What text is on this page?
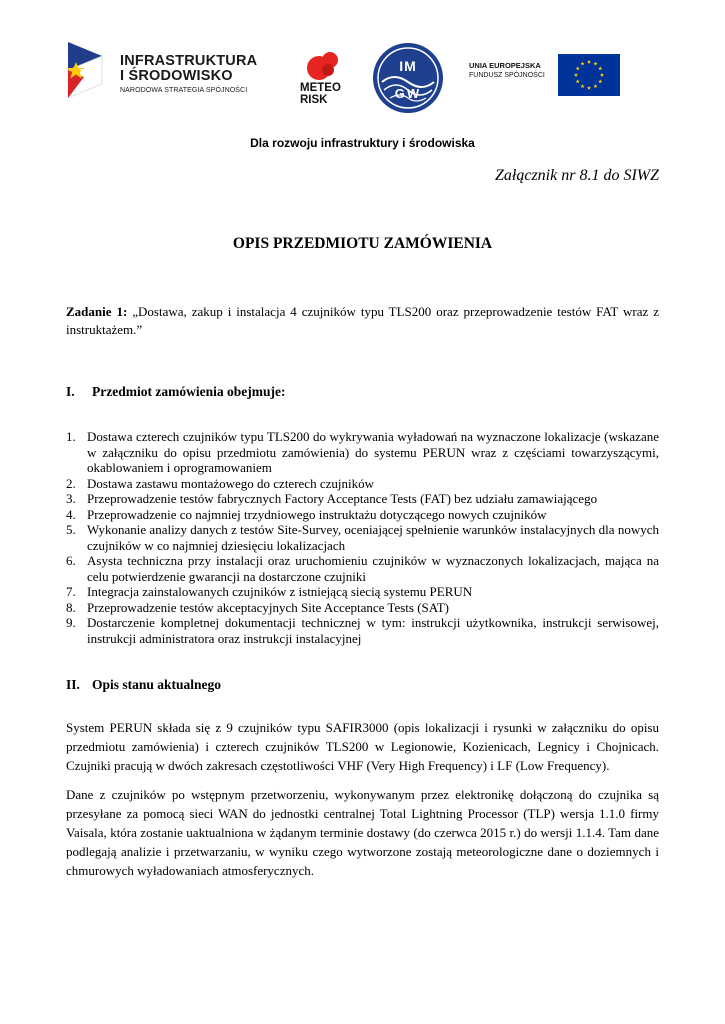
INFRASTRUKTURA
I ŚRODOWISKO
NARODOWA STRATEGIA SPÓJNOŚCI	METEO
RISK
IM
GW
UNIA EUROPEJSKA
FUNDUSZ SPÓJNOŚCI
Dla rozwoju infrastruktury i środowiska
Załącznik nr 8.1 do SIWZ
OPIS PRZEDMIOTU ZAMÓWIENIA
Zadanie 1: „Dostawa, zakup i instalacja 4 czujników typu TLS200 oraz przeprowadzenie testów FAT wraz z instruktażem.”
I. Przedmiot zamówienia obejmuje:
1. Dostawa czterech czujników typu TLS200 do wykrywania wyładowań na wyznaczone lokalizacje (wskazane w załączniku do opisu przedmiotu zamówienia) do systemu PERUN wraz z częściami towarzyszącymi, okablowaniem i oprogramowaniem
2. Dostawa zastawu montażowego do czterech czujników
3. Przeprowadzenie testów fabrycznych Factory Acceptance Tests (FAT) bez udziału zamawiającego
4. Przeprowadzenie co najmniej trzydniowego instruktażu dotyczącego nowych czujników
5. Wykonanie analizy danych z testów Site-Survey, oceniającej spełnienie warunków instalacyjnych dla nowych czujników w co najmniej dziesięciu lokalizacjach
6. Asysta techniczna przy instalacji oraz uruchomieniu czujników w wyznaczonych lokalizacjach, mająca na celu potwierdzenie gwarancji na dostarczone czujniki
7. Integracja zainstalowanych czujników z istniejącą siecią systemu PERUN
8. Przeprowadzenie testów akceptacyjnych Site Acceptance Tests (SAT)
9. Dostarczenie kompletnej dokumentacji technicznej w tym: instrukcji użytkownika, instrukcji serwisowej, instrukcji administratora oraz instrukcji instalacyjnej
II. Opis stanu aktualnego
System PERUN składa się z 9 czujników typu SAFIR3000 (opis lokalizacji i rysunki w załączniku do opisu przedmiotu zamówienia) i czterech czujników TLS200 w Legionowie, Kozienicach, Legnicy i Chojnicach. Czujniki pracują w dwóch zakresach częstotliwości VHF (Very High Frequency) i LF (Low Frequency).
Dane z czujników po wstępnym przetworzeniu, wykonywanym przez elektronikę dołączoną do czujnika są przesyłane za pomocą sieci WAN do jednostki centralnej Total Lightning Processor (TLP) wersja 1.1.0 firmy Vaisala, która zostanie uaktualniona w żądanym terminie dostawy (do czerwca 2015 r.) do wersji 1.1.4. Tam dane podlegają analizie i przetwarzaniu, w wyniku czego wytworzone zostają meteorologiczne dane o doziemnych i chmurowych wyładowaniach atmosferycznych.
